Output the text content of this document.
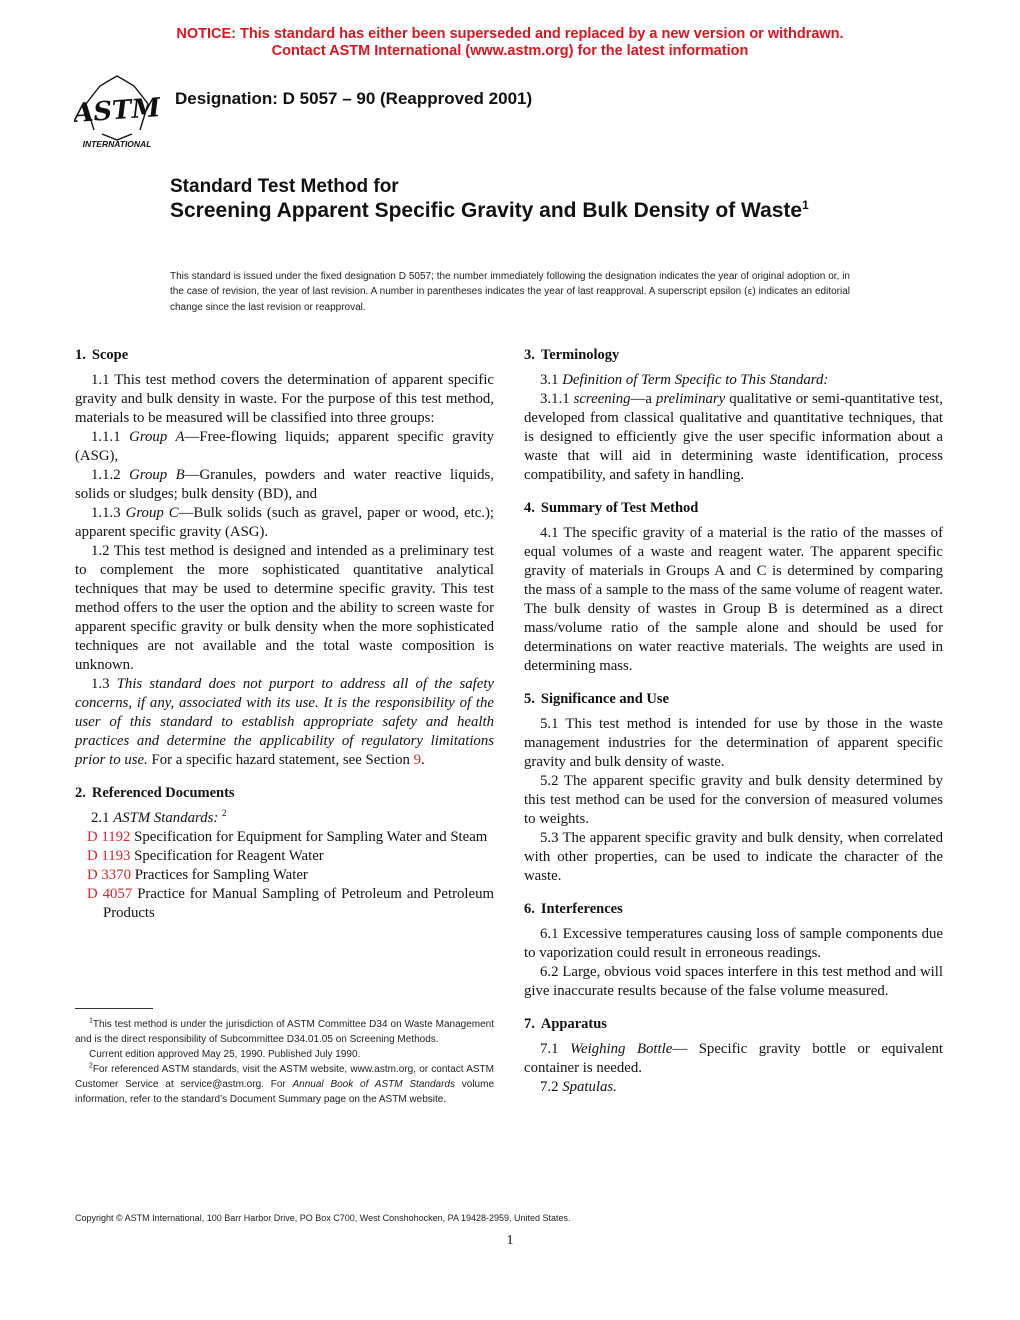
NOTICE: This standard has either been superseded and replaced by a new version or withdrawn.
Contact ASTM International (www.astm.org) for the latest information
ASTM
INTERNATIONAL
Designation: D 5057 – 90 (Reapproved 2001)
Standard Test Method for
Screening Apparent Specific Gravity and Bulk Density of Waste$^1$
This standard is issued under the fixed designation D 5057; the number immediately following the designation indicates the year of original adoption or, in the case of revision, the year of last revision. A number in parentheses indicates the year of last reapproval. A superscript epsilon (ε) indicates an editorial change since the last revision or reapproval.
1. Scope

1.1 This test method covers the determination of apparent specific gravity and bulk density in waste. For the purpose of this test method, materials to be measured will be classified into three groups:

1.1.1 Group A—Free-flowing liquids; apparent specific gravity (ASG),

1.1.2 Group B—Granules, powders and water reactive liquids, solids or sludges; bulk density (BD), and

1.1.3 Group C—Bulk solids (such as gravel, paper or wood, etc.); apparent specific gravity (ASG).

1.2 This test method is designed and intended as a preliminary test to complement the more sophisticated quantitative analytical techniques that may be used to determine specific gravity. This test method offers to the user the option and the ability to screen waste for apparent specific gravity or bulk density when the more sophisticated techniques are not available and the total waste composition is unknown.

1.3 This standard does not purport to address all of the safety concerns, if any, associated with its use. It is the responsibility of the user of this standard to establish appropriate safety and health practices and determine the applicability of regulatory limitations prior to use. For a specific hazard statement, see Section 9.

2. Referenced Documents

2.1 ASTM Standards: $^2$

D 1192 Specification for Equipment for Sampling Water and Steam

D 1193 Specification for Reagent Water

D 3370 Practices for Sampling Water

D 4057 Practice for Manual Sampling of Petroleum and Petroleum Products

3. Terminology

3.1 Definition of Term Specific to This Standard:

3.1.1 screening—a preliminary qualitative or semi-quantitative test, developed from classical qualitative and quantitative techniques, that is designed to efficiently give the user specific information about a waste that will aid in determining waste identification, process compatibility, and safety in handling.

4. Summary of Test Method

4.1 The specific gravity of a material is the ratio of the masses of equal volumes of a waste and reagent water. The apparent specific gravity of materials in Groups A and C is determined by comparing the mass of a sample to the mass of the same volume of reagent water. The bulk density of wastes in Group B is determined as a direct mass/volume ratio of the sample alone and should be used for determinations on water reactive materials. The weights are used in determining mass.

5. Significance and Use

5.1 This test method is intended for use by those in the waste management industries for the determination of apparent specific gravity and bulk density of waste.

5.2 The apparent specific gravity and bulk density determined by this test method can be used for the conversion of measured volumes to weights.

5.3 The apparent specific gravity and bulk density, when correlated with other properties, can be used to indicate the character of the waste.

6. Interferences

6.1 Excessive temperatures causing loss of sample components due to vaporization could result in erroneous readings.

6.2 Large, obvious void spaces interfere in this test method and will give inaccurate results because of the false volume measured.

7. Apparatus

7.1 Weighing Bottle— Specific gravity bottle or equivalent container is needed.

7.2 Spatulas.

$^1$This test method is under the jurisdiction of ASTM Committee D34 on Waste Management and is the direct responsibility of Subcommittee D34.01.05 on Screening Methods.

Current edition approved May 25, 1990. Published July 1990.

$^2$For referenced ASTM standards, visit the ASTM website, www.astm.org, or contact ASTM Customer Service at service@astm.org. For Annual Book of ASTM Standards volume information, refer to the standard’s Document Summary page on the ASTM website.

Copyright © ASTM International, 100 Barr Harbor Drive, PO Box C700, West Conshohocken, PA 19428-2959, United States.
1
